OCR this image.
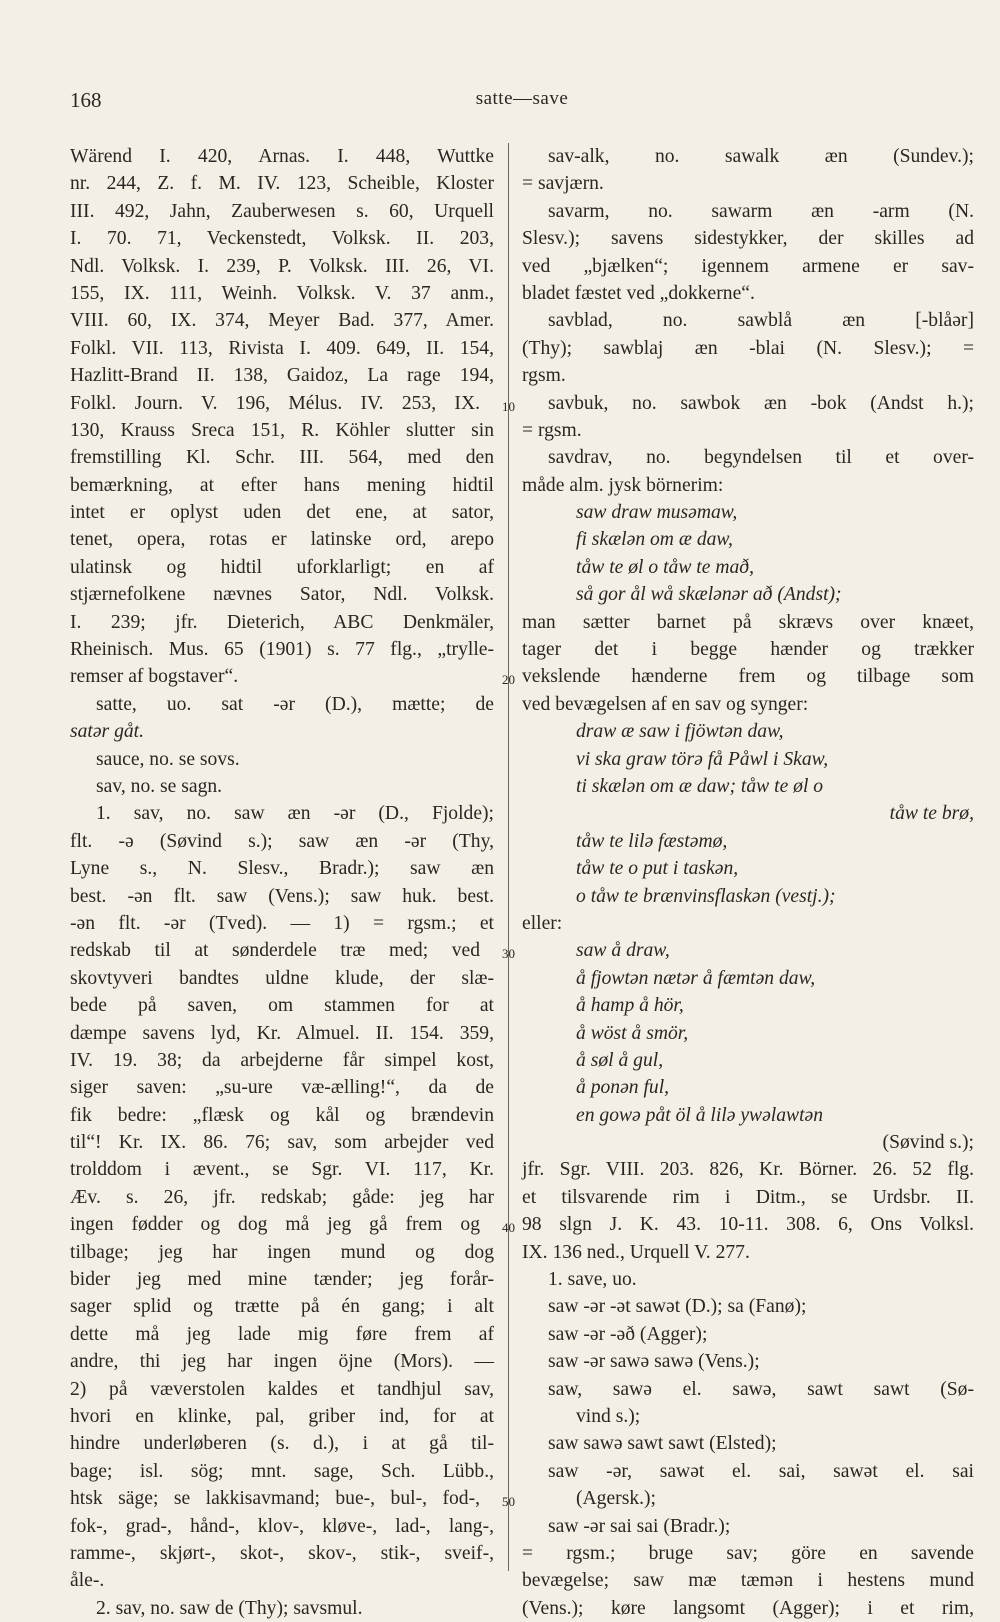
168	satte—save
Wärend I. 420, Arnas. I. 448, Wuttke
nr. 244, Z. f. M. IV. 123, Scheible, Kloster
III. 492, Jahn, Zauberwesen s. 60, Urquell
I. 70. 71, Veckenstedt, Volksk. II. 203,
Ndl. Volksk. I. 239, P. Volksk. III. 26, VI.
155, IX. 111, Weinh. Volksk. V. 37 anm.,
VIII. 60, IX. 374, Meyer Bad. 377, Amer.
Folkl. VII. 113, Rivista I. 409. 649, II. 154,
Hazlitt-Brand II. 138, Gaidoz, La rage 194,
Folkl. Journ. V. 196, Mélus. IV. 253, IX. 10
130, Krauss Sreca 151, R. Köhler slutter sin
fremstilling Kl. Schr. III. 564, med den
bemærkning, at efter hans mening hidtil
intet er oplyst uden det ene, at sator,
tenet, opera, rotas er latinske ord, arepo
ulatinsk og hidtil uforklarligt; en af
stjærnefolkene nævnes Sator, Ndl. Volksk.
I. 239; jfr. Dieterich, ABC Denkmäler,
Rheinisch. Mus. 65 (1901) s. 77 flg., „trylle-
remser af bogstaver“.	20
satte, uo. sat -ər (D.), mætte; de
satər gåt.
sauce, no. se sovs.
sav, no. se sagn.
1. sav, no. saw æn -ər (D., Fjolde);
flt. -ə (Søvind s.); saw æn -ər (Thy,
Lyne s., N. Slesv., Bradr.); saw æn
best. -ən flt. saw (Vens.); saw huk. best.
-ən flt. -ər (Tved). — 1) = rgsm.; et
redskab til at sønderdele træ med; ved 30
skovtyveri bandtes uldne klude, der slæ-
bede på saven, om stammen for at
dæmpe savens lyd, Kr. Almuel. II. 154. 359,
IV. 19. 38; da arbejderne får simpel kost,
siger saven: „su-ure væ-ælling!“, da de
fik bedre: „flæsk og kål og brændevin
til“! Kr. IX. 86. 76; sav, som arbejder ved
trolddom i ævent., se Sgr. VI. 117, Kr.
Æv. s. 26, jfr. redskab; gåde: jeg har
ingen fødder og dog må jeg gå frem og 40
tilbage; jeg har ingen mund og dog
bider jeg med mine tænder; jeg forår-
sager splid og trætte på én gang; i alt
dette må jeg lade mig føre frem af
andre, thi jeg har ingen öjne (Mors). —
2) på væverstolen kaldes et tandhjul sav,
hvori en klinke, pal, griber ind, for at
hindre underløberen (s. d.), i at gå til-
bage; isl. sög; mnt. sage, Sch. Lübb.,
htsk säge; se lakkisavmand; bue-, bul-, fod-, 50
fok-, grad-, hånd-, klov-, kløve-, lad-, lang-,
ramme-, skjørt-, skot-, skov-, stik-, sveif-,
åle-.
2. sav, no. saw de (Thy); savsmul.
sav-alk, no. sawalk æn (Sundev.);
= savjærn.
savarm, no. sawarm æn -arm (N.
Slesv.); savens sidestykker, der skilles ad
ved „bjælken“; igennem armene er sav-
bladet fæstet ved „dokkerne“.
savblad, no. sawblå æn [-blåər]
(Thy); sawblaj æn -blai (N. Slesv.); =
rgsm.
savbuk, no. sawbok æn -bok (Andst h.);
= rgsm.
savdrav, no. begyndelsen til et over-
måde alm. jysk börnerim:
saw draw musəmaw,
fi skælən om æ daw,
tåw te øl o tåw te mað,
så gor ål wå skælənər að (Andst);
man sætter barnet på skrævs over knæet,
tager det i begge hænder og trækker
vekslende hænderne frem og tilbage som
ved bevægelsen af en sav og synger:
draw æ saw i fjöwtən daw,
vi ska graw törə få Påwl i Skaw,
ti skælən om æ daw; tåw te øl o
tåw te brø,
tåw te lilə fæstəmø,
tåw te o put i taskən,
o tåw te brænvinsflaskən (vestj.);
eller:
saw å draw,
å fjowtən nætər å fæmtən daw,
å hamp å hör,
å wöst å smör,
å søl å gul,
å ponən ful,
en gowə påt öl å lilə ywəlawtən
(Søvind s.);
jfr. Sgr. VIII. 203. 826, Kr. Börner. 26. 52 flg.
et tilsvarende rim i Ditm., se Urdsbr. II.
98 slgn J. K. 43. 10-11. 308. 6, Ons Volksl.
IX. 136 ned., Urquell V. 277.
1. save, uo.
saw -ər -ət sawət (D.); sa (Fanø);
saw -ər -əð (Agger);
saw -ər sawə sawə (Vens.);
saw, sawə el. sawə, sawt sawt (Sø-
vind s.);
saw sawə sawt sawt (Elsted);
saw -ər, sawət el. sai, sawət el. sai
(Agersk.);
saw -ər sai sai (Bradr.);
= rgsm.; bruge sav; göre en savende
bevægelse; saw mæ tæmən i hestens mund
(Vens.); køre langsomt (Agger); i et rim,
